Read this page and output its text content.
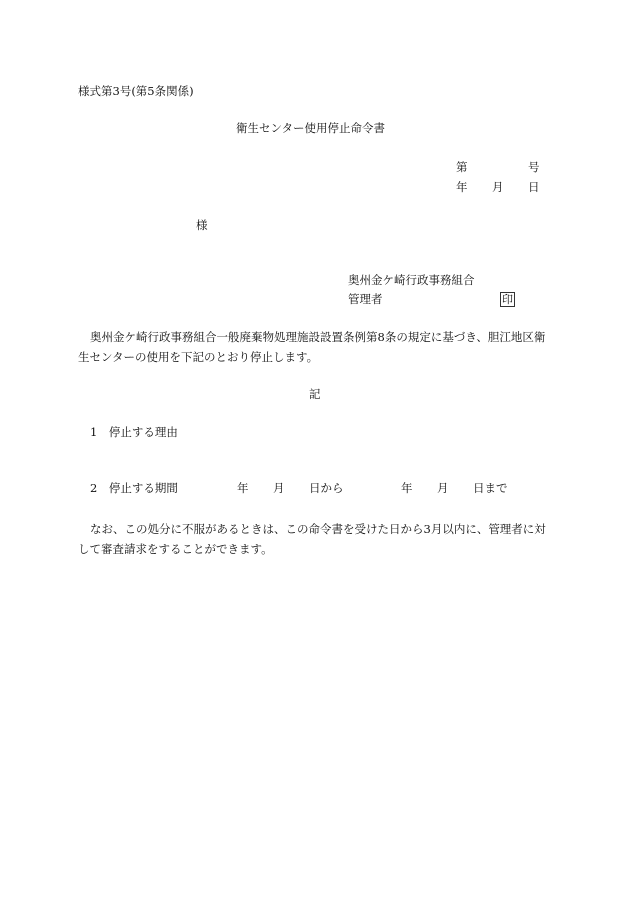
様式第3号(第5条関係)
衛生センター使用停止命令書
第	号
年 月 日
様
奥州金ケ崎行政事務組合
管理者	印
奥州金ケ崎行政事務組合一般廃棄物処理施設設置条例第8条の規定に基づき、胆江地区衛生センターの使用を下記のとおり停止します。
記
1　停止する理由
2　停止する期間	年 月 日から	年 月 日まで
なお、この処分に不服があるときは、この命令書を受けた日から3月以内に、管理者に対して審査請求をすることができます。
